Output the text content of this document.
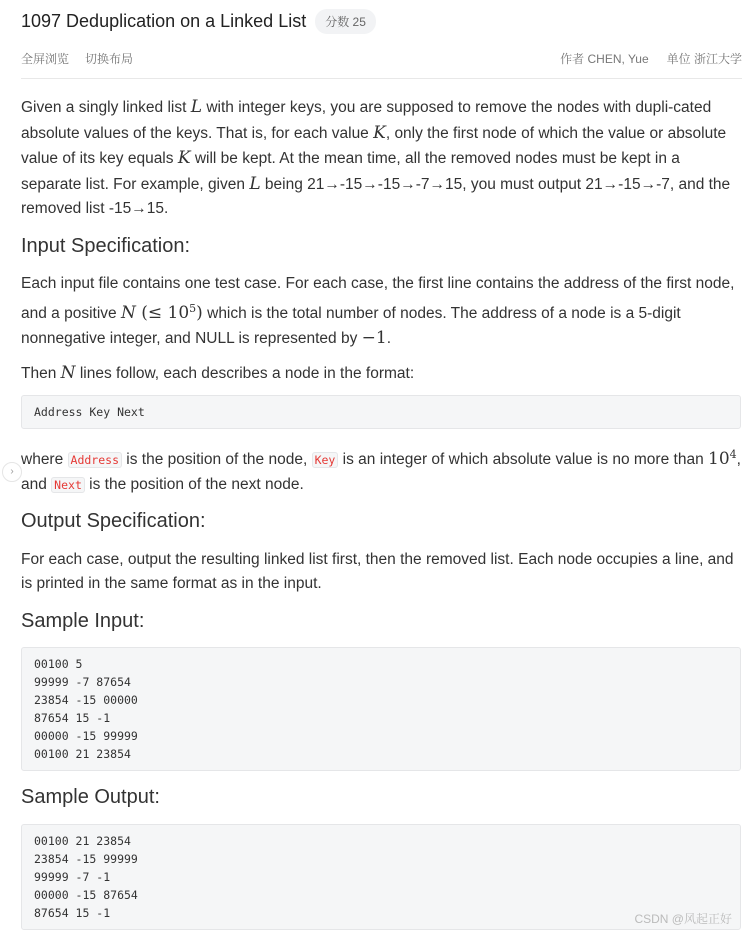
1097 Deduplication on a Linked List	分数 25
全屏浏览 切换布局	作者 CHEN, Yue 单位 浙江大学
›

Given a singly linked list L with integer keys, you are supposed to remove the nodes with dupli-cated absolute values of the keys. That is, for each value K, only the first node of which the value or absolute value of its key equals K will be kept. At the mean time, all the removed nodes must be kept in a separate list. For example, given L being 21→-15→-15→-7→15, you must output 21→-15→-7, and the removed list -15→15.

Input Specification:

Each input file contains one test case. For each case, the first line contains the address of the first node, and a positive N (≤ $10^5$) which is the total number of nodes. The address of a node is a 5-digit nonnegative integer, and NULL is represented by −1.

Then N lines follow, each describes a node in the format:

Address Key Next

where Address is the position of the node, Key is an integer of which absolute value is no more than $10^4$, and Next is the position of the next node.

Output Specification:

For each case, output the resulting linked list first, then the removed list. Each node occupies a line, and is printed in the same format as in the input.

Sample Input:
00100 5
99999 -7 87654
23854 -15 00000
87654 15 -1
00000 -15 99999
00100 21 23854
Sample Output:
00100 21 23854
23854 -15 99999
99999 -7 -1
00000 -15 87654
87654 15 -1	CSDN @风起正好
